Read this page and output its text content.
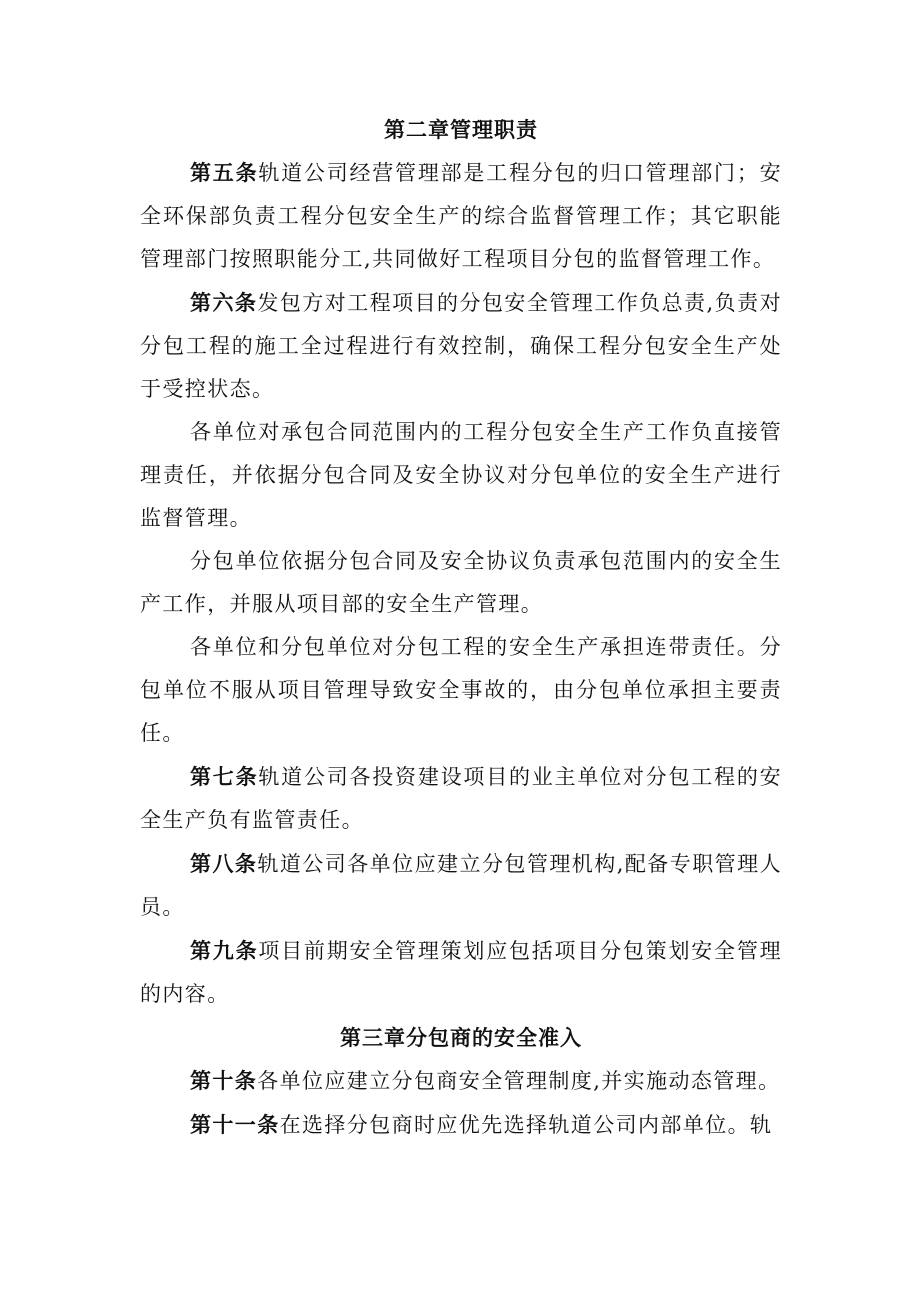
第二章管理职责

第五条轨道公司经营管理部是工程分包的归口管理部门；安全环保部负责工程分包安全生产的综合监督管理工作；其它职能管理部门按照职能分工,共同做好工程项目分包的监督管理工作。

第六条发包方对工程项目的分包安全管理工作负总责,负责对分包工程的施工全过程进行有效控制，确保工程分包安全生产处于受控状态。

各单位对承包合同范围内的工程分包安全生产工作负直接管理责任，并依据分包合同及安全协议对分包单位的安全生产进行监督管理。

分包单位依据分包合同及安全协议负责承包范围内的安全生产工作，并服从项目部的安全生产管理。

各单位和分包单位对分包工程的安全生产承担连带责任。分包单位不服从项目管理导致安全事故的，由分包单位承担主要责任。

第七条轨道公司各投资建设项目的业主单位对分包工程的安全生产负有监管责任。

第八条轨道公司各单位应建立分包管理机构,配备专职管理人员。

第九条项目前期安全管理策划应包括项目分包策划安全管理的内容。

第三章分包商的安全准入

第十条各单位应建立分包商安全管理制度,并实施动态管理。

第十一条在选择分包商时应优先选择轨道公司内部单位。轨
